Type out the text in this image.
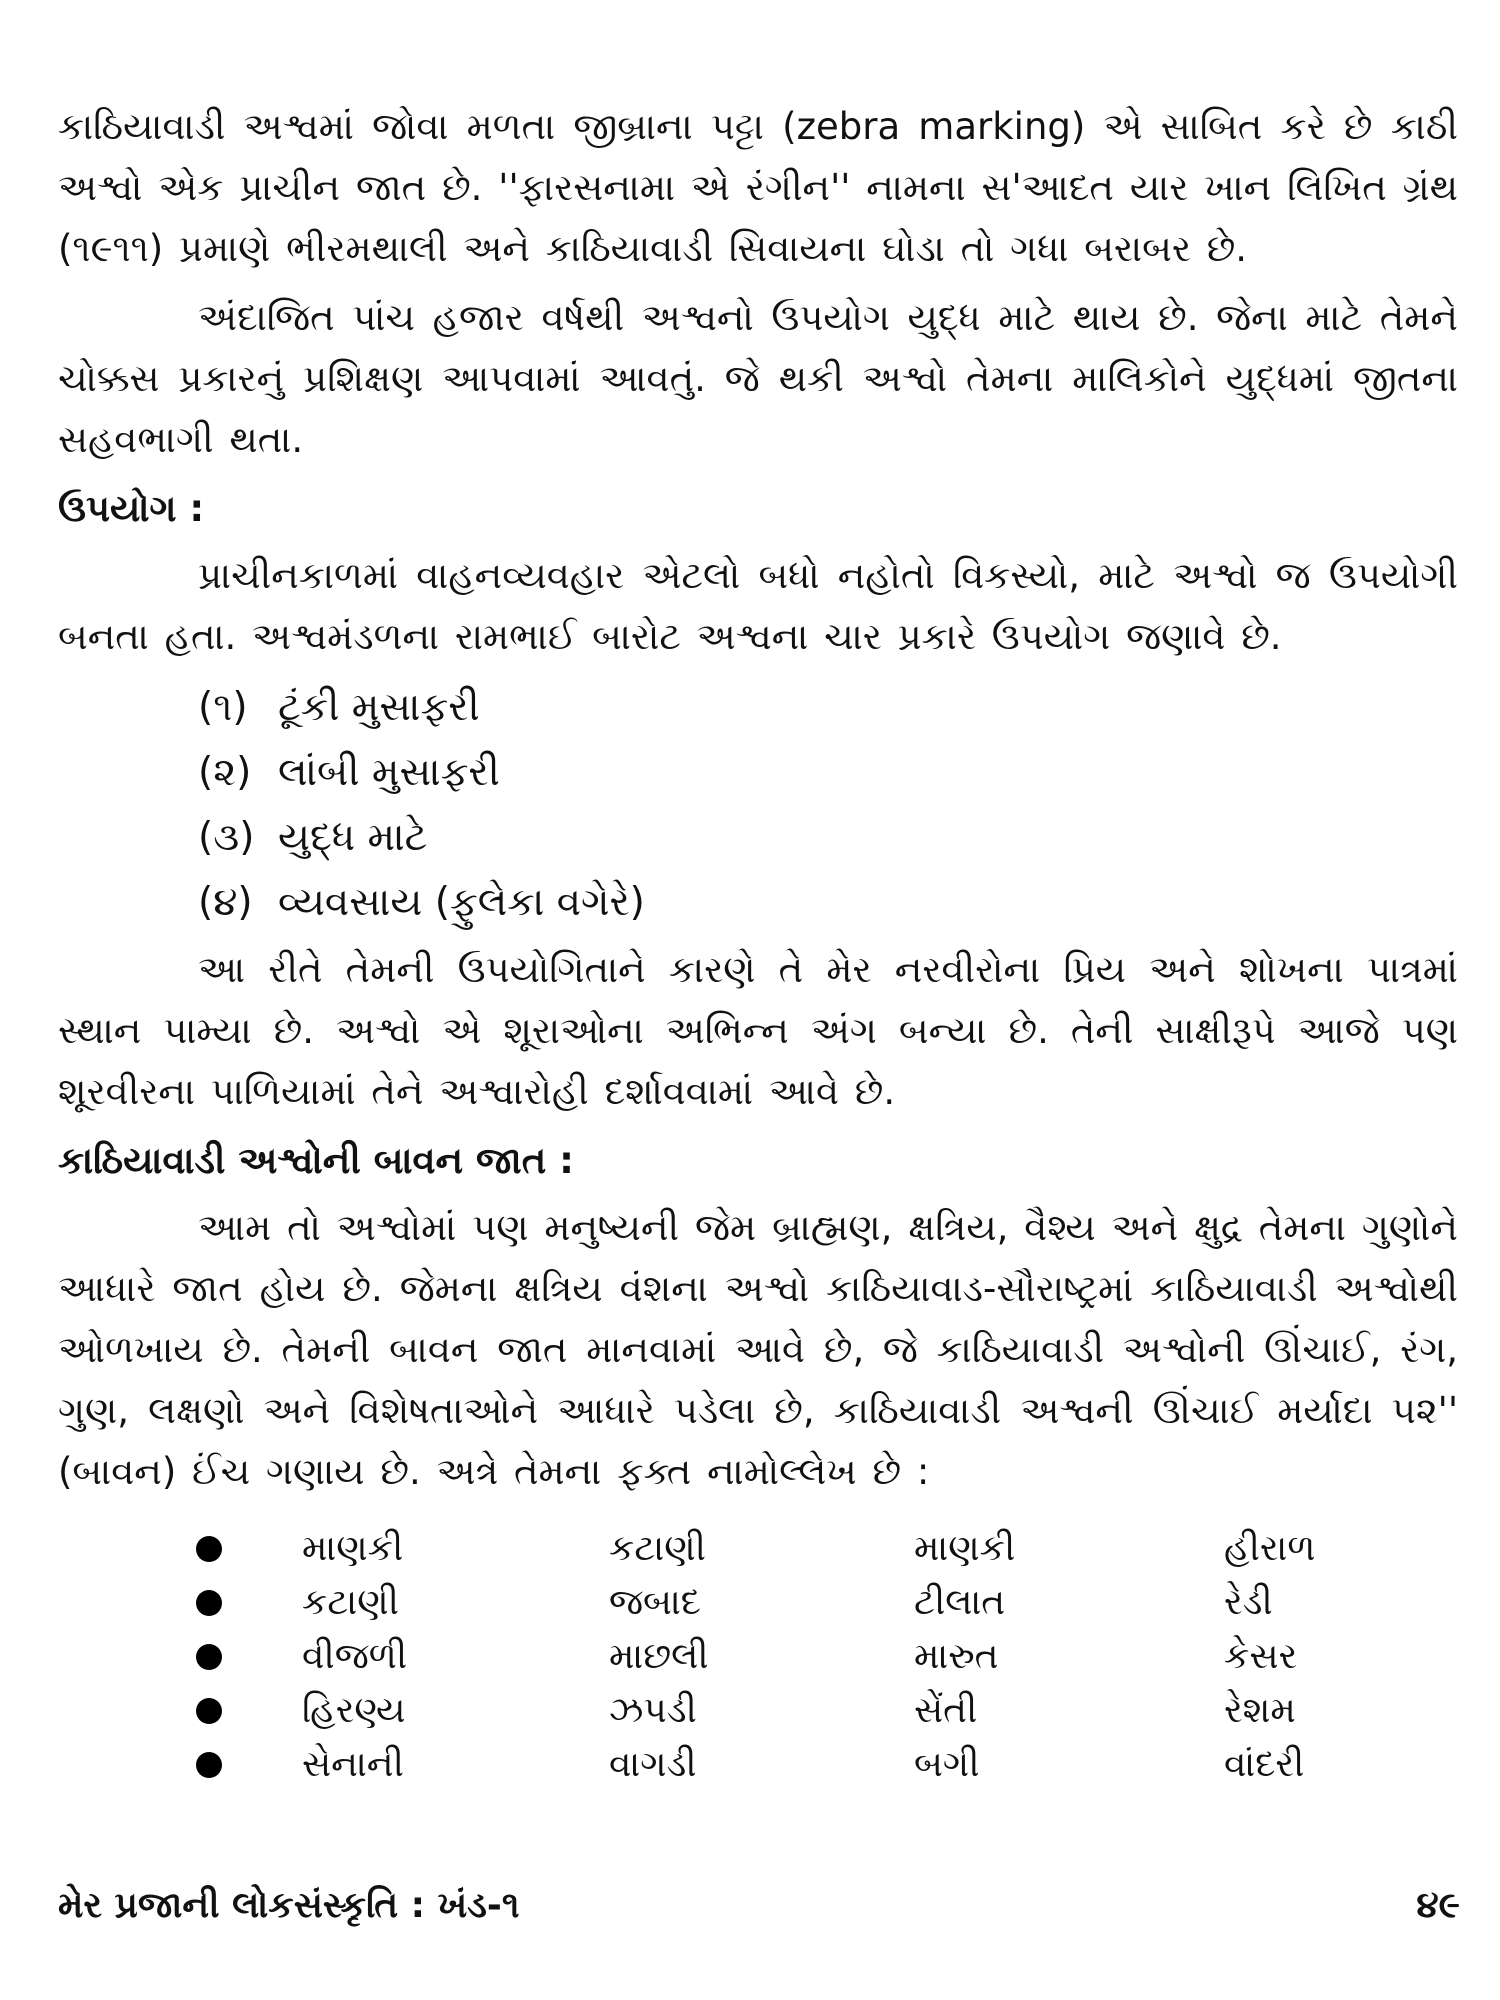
કાઠિયાવાડી અશ્વમાં જોવા મળતા જીબ્રાના પટ્ટા (zebra marking) એ સાબિત કરે છે કાઠી અશ્વો એક પ્રાચીન જાત છે. ''ફારસનામા એ રંગીન'' નામના સ'આદત યાર ખાન લિખિત ગ્રંથ (૧૯૧૧) પ્રમાણે ભીરમથાલી અને કાઠિયાવાડી સિવાયના ઘોડા તો ગધા બરાબર છે.

અંદાજિત પાંચ હજાર વર્ષથી અશ્વનો ઉપયોગ યુદ્ધ માટે થાય છે. જેના માટે તેમને ચોક્કસ પ્રકારનું પ્રશિક્ષણ આપવામાં આવતું. જે થકી અશ્વો તેમના માલિકોને યુદ્ધમાં જીતના સહવભાગી થતા.

ઉપયોગ :

પ્રાચીનકાળમાં વાહનવ્યવહાર એટલો બધો નહોતો વિકસ્યો, માટે અશ્વો જ ઉપયોગી બનતા હતા. અશ્વમંડળના રામભાઈ બારોટ અશ્વના ચાર પ્રકારે ઉપયોગ જણાવે છે.

(૧) ટૂંકી મુસાફરી
(૨) લાંબી મુસાફરી
(૩) યુદ્ધ માટે
(૪) વ્યવસાય (ફુલેકા વગેરે)

આ રીતે તેમની ઉપયોગિતાને કારણે તે મેર નરવીરોના પ્રિય અને શોખના પાત્રમાં સ્થાન પામ્યા છે. અશ્વો એ શૂરાઓના અભિન્ન અંગ બન્યા છે. તેની સાક્ષીરૂપે આજે પણ શૂરવીરના પાળિયામાં તેને અશ્વારોહી દર્શાવવામાં આવે છે.

કાઠિયાવાડી અશ્વોની બાવન જાત :

આમ તો અશ્વોમાં પણ મનુષ્યની જેમ બ્રાહ્મણ, ક્ષત્રિય, વૈશ્ય અને ક્ષુદ્ર તેમના ગુણોને આધારે જાત હોય છે. જેમના ક્ષત્રિય વંશના અશ્વો કાઠિયાવાડ-સૌરાષ્ટ્રમાં કાઠિયાવાડી અશ્વોથી ઓળખાય છે. તેમની બાવન જાત માનવામાં આવે છે, જે કાઠિયાવાડી અશ્વોની ઊંચાઈ, રંગ, ગુણ, લક્ષણો અને વિશેષતાઓને આધારે પડેલા છે, કાઠિયાવાડી અશ્વની ઊંચાઈ મર્યાદા ૫૨'' (બાવન) ઈંચ ગણાય છે. અત્રે તેમના ફક્ત નામોલ્લેખ છે :

માણકી	કટાણી	માણકી	હીરાળ
કટાણી	જબાદ	ટીલાત	રેડી
વીજળી	માછલી	મારુત	કેસર
હિરણ્ય	ઝપડી	સેંતી	રેશમ
સેનાની	વાગડી	બગી	વાંદરી
મેર પ્રજાની લોકસંસ્કૃતિ : ખંડ-૧	૪૯
